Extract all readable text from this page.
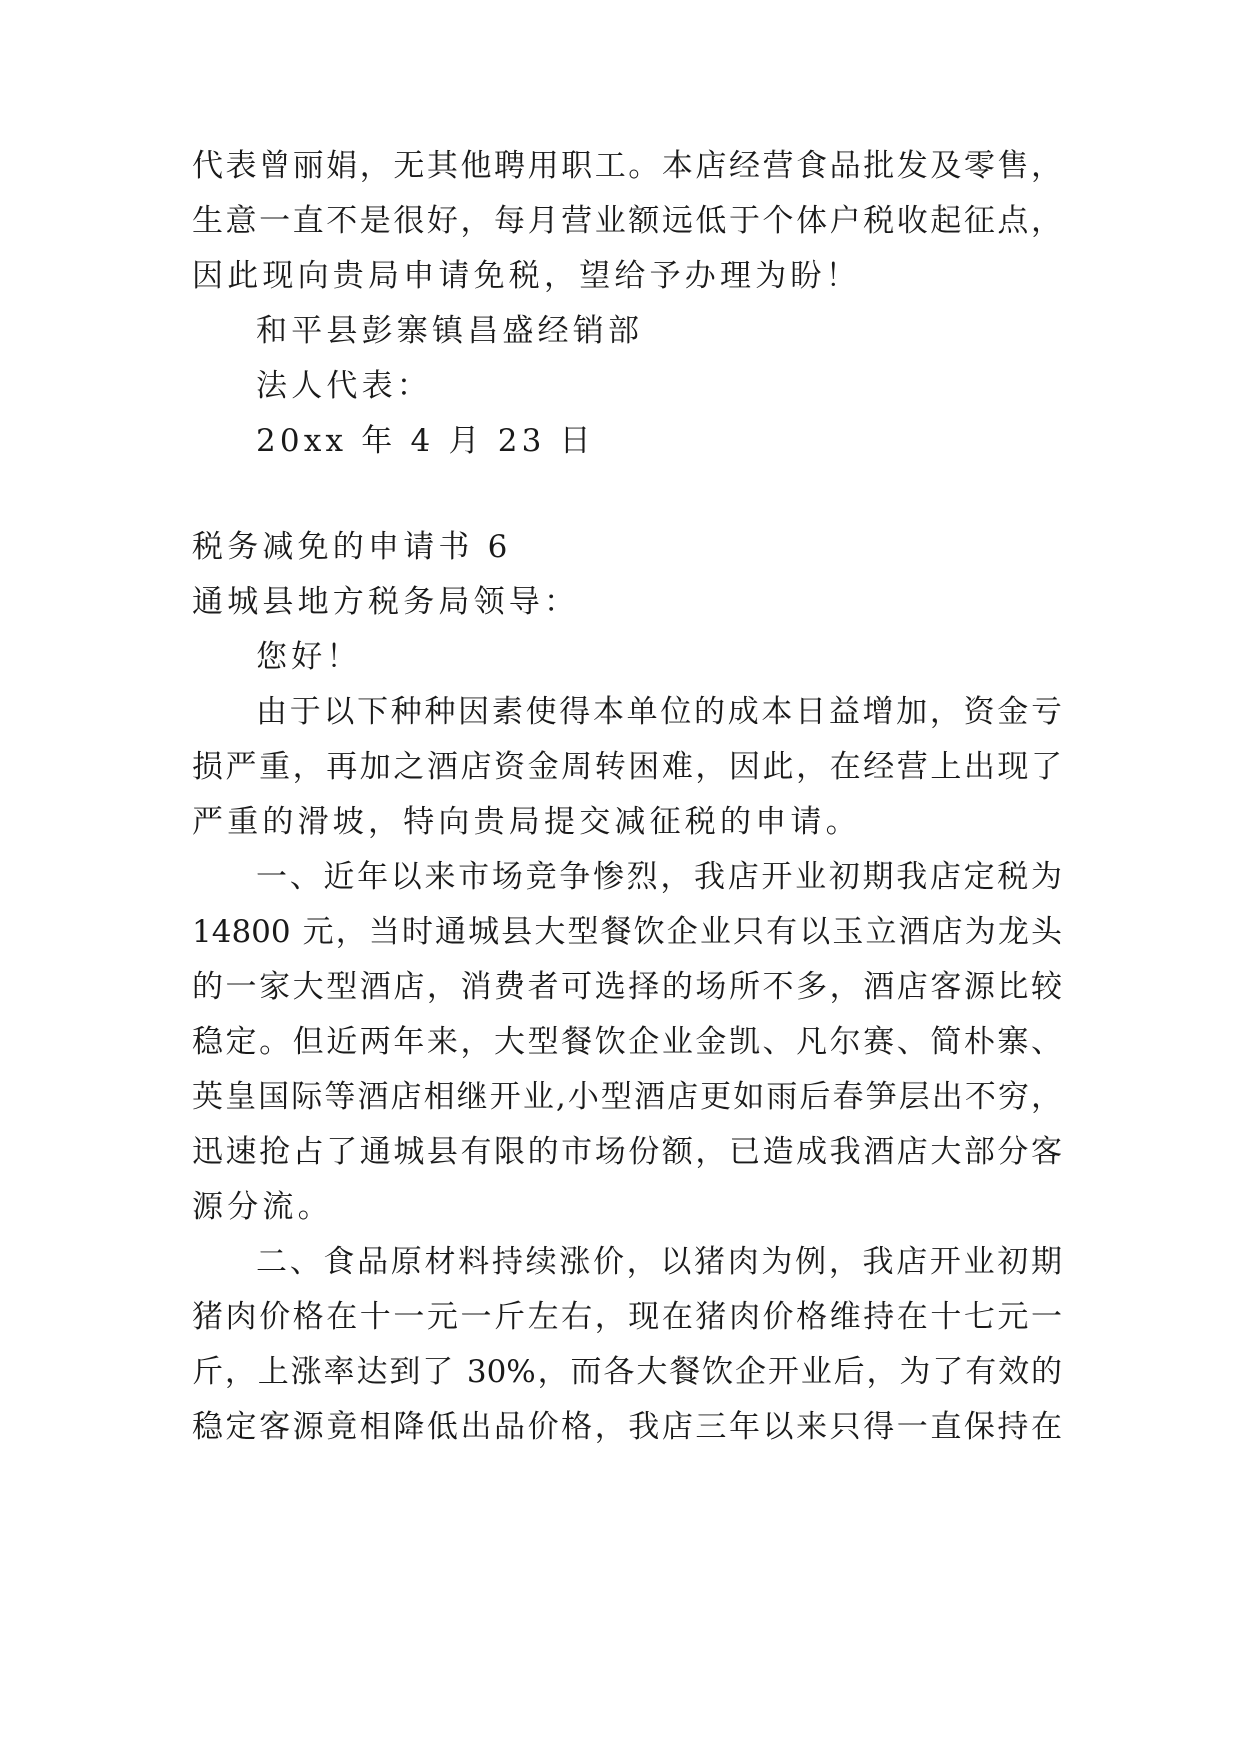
代表曾丽娟，无其他聘用职工。本店经营食品批发及零售，
生意一直不是很好，每月营业额远低于个体户税收起征点，
因此现向贵局申请免税，望给予办理为盼！
和平县彭寨镇昌盛经销部
法人代表：
20xx 年 4 月 23 日
税务减免的申请书 6
通城县地方税务局领导：
您好！
由于以下种种因素使得本单位的成本日益增加，资金亏
损严重，再加之酒店资金周转困难，因此，在经营上出现了
严重的滑坡，特向贵局提交减征税的申请。
一、近年以来市场竞争惨烈，我店开业初期我店定税为
14800 元，当时通城县大型餐饮企业只有以玉立酒店为龙头
的一家大型酒店，消费者可选择的场所不多，酒店客源比较
稳定。但近两年来，大型餐饮企业金凯、凡尔赛、简朴寨、
英皇国际等酒店相继开业,小型酒店更如雨后春笋层出不穷，
迅速抢占了通城县有限的市场份额，已造成我酒店大部分客
源分流。
二、食品原材料持续涨价，以猪肉为例，我店开业初期
猪肉价格在十一元一斤左右，现在猪肉价格维持在十七元一
斤，上涨率达到了 30%，而各大餐饮企开业后，为了有效的
稳定客源竟相降低出品价格，我店三年以来只得一直保持在
